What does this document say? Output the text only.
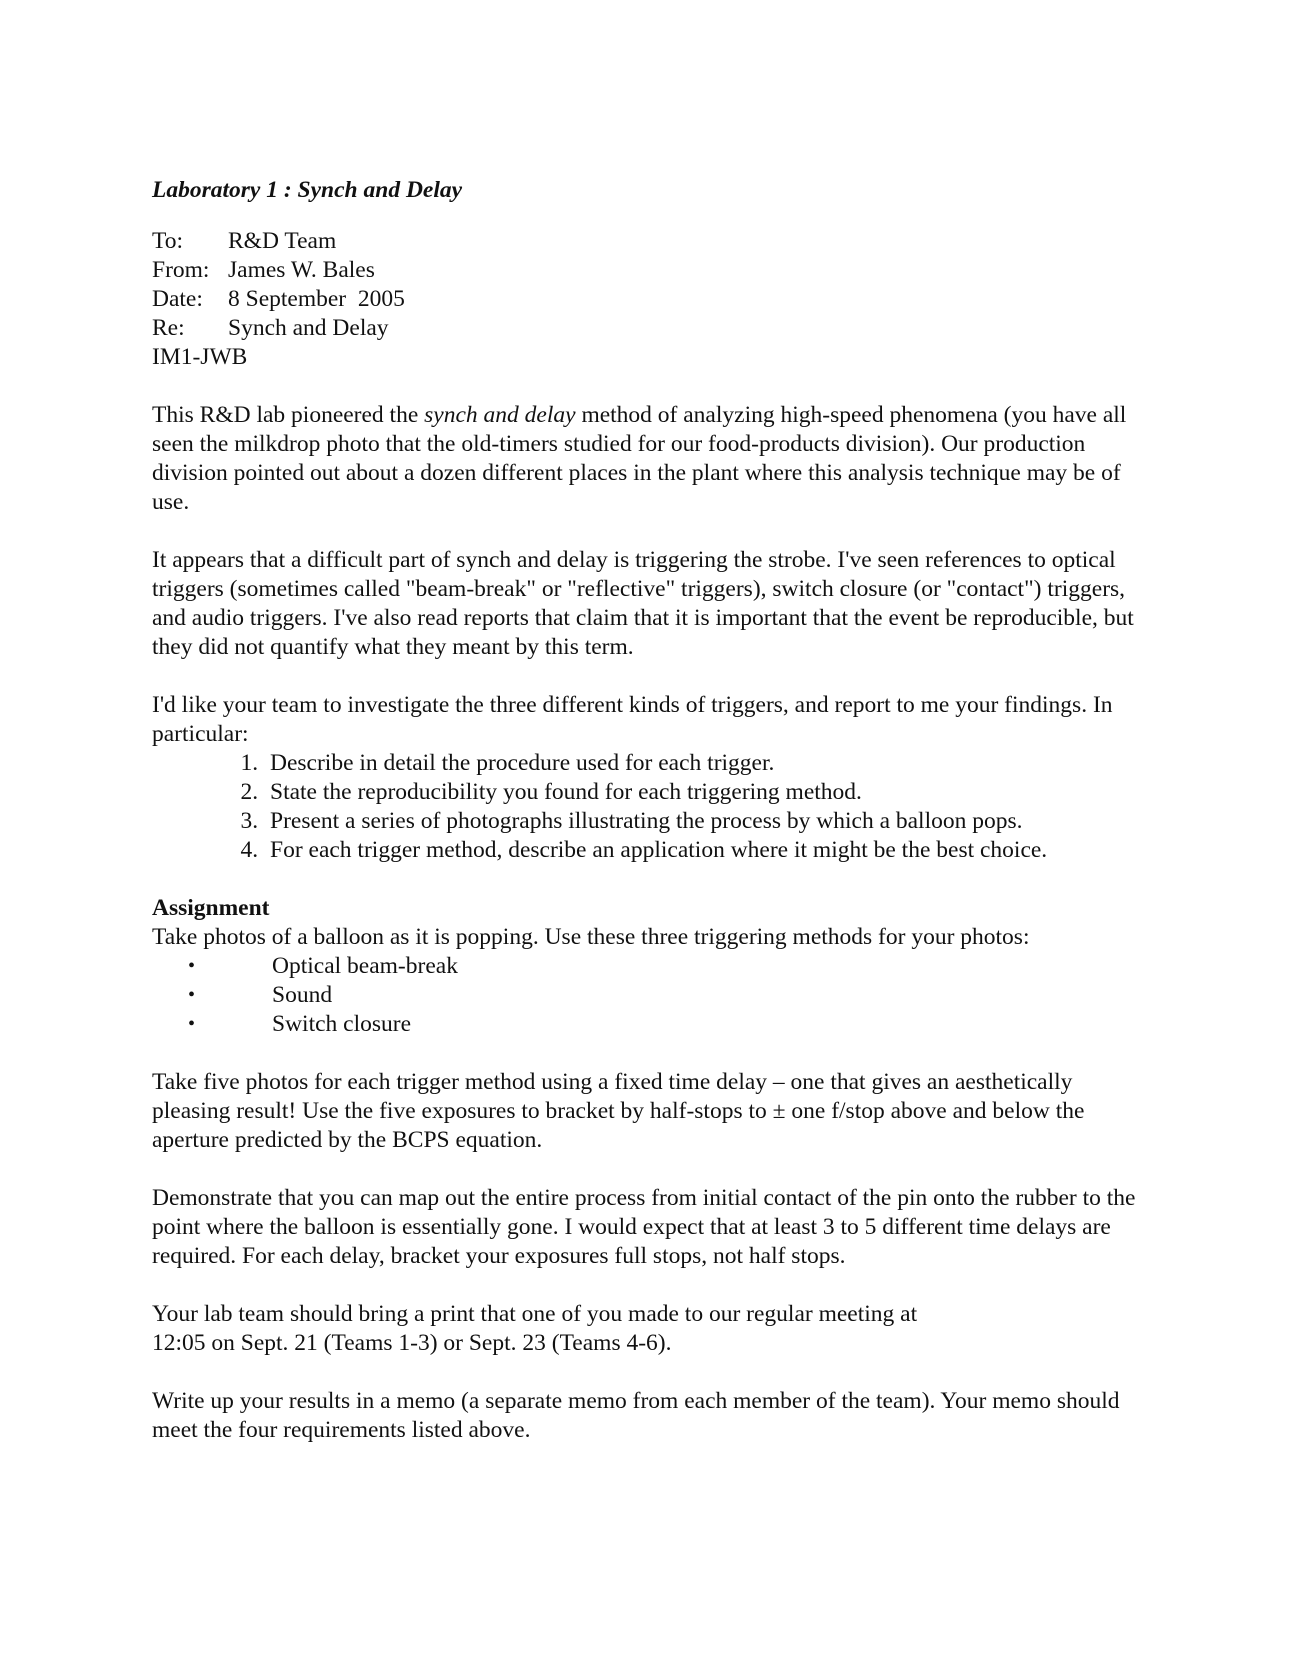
Laboratory 1 : Synch and Delay
To:	R&D Team
From: James W. Bales
Date:	8 September  2005
Re:	Synch and Delay
IM1-JWB

This R&D lab pioneered the synch and delay method of analyzing high-speed phenomena (you have all seen the milkdrop photo that the old-timers studied for our food-products division). Our production division pointed out about a dozen different places in the plant where this analysis technique may be of use.

It appears that a difficult part of synch and delay is triggering the strobe. I've seen references to optical triggers (sometimes called "beam-break" or "reflective" triggers), switch closure (or "contact") triggers, and audio triggers. I've also read reports that claim that it is important that the event be reproducible, but they did not quantify what they meant by this term.

I'd like your team to investigate the three different kinds of triggers, and report to me your findings. In particular:

1. Describe in detail the procedure used for each trigger.
2. State the reproducibility you found for each triggering method.
3. Present a series of photographs illustrating the process by which a balloon pops.
4. For each trigger method, describe an application where it might be the best choice.
Assignment

Take photos of a balloon as it is popping. Use these three triggering methods for your photos:

•	Optical beam-break
•	Sound
•	Switch closure

Take five photos for each trigger method using a fixed time delay – one that gives an aesthetically pleasing result! Use the five exposures to bracket by half-stops to ± one f/stop above and below the aperture predicted by the BCPS equation.

Demonstrate that you can map out the entire process from initial contact of the pin onto the rubber to the point where the balloon is essentially gone. I would expect that at least 3 to 5 different time delays are required. For each delay, bracket your exposures full stops, not half stops.

Your lab team should bring a print that one of you made to our regular meeting at
12:05 on Sept. 21 (Teams 1-3) or Sept. 23 (Teams 4-6).

Write up your results in a memo (a separate memo from each member of the team). Your memo should meet the four requirements listed above.
